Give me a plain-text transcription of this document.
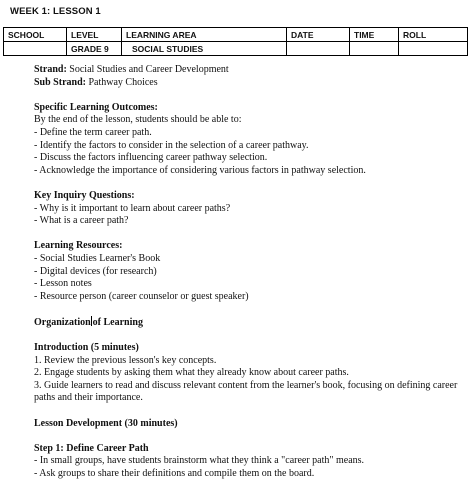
WEEK 1: LESSON 1
SCHOOL	LEVEL	LEARNING AREA	DATE	TIME	ROLL
	GRADE 9	SOCIAL STUDIES			

Strand: Social Studies and Career Development

Sub Strand: Pathway Choices

Specific Learning Outcomes:

By the end of the lesson, students should be able to:

- Define the term career path.

- Identify the factors to consider in the selection of a career pathway.

- Discuss the factors influencing career pathway selection.

- Acknowledge the importance of considering various factors in pathway selection.

Key Inquiry Questions:

- Why is it important to learn about career paths?

- What is a career path?

Learning Resources:

- Social Studies Learner's Book

- Digital devices (for research)

- Lesson notes

- Resource person (career counselor or guest speaker)

Organization of Learning

Introduction (5 minutes)

1. Review the previous lesson's key concepts.

2. Engage students by asking them what they already know about career paths.

3. Guide learners to read and discuss relevant content from the learner's book, focusing on defining career paths and their importance.

Lesson Development (30 minutes)

Step 1: Define Career Path

- In small groups, have students brainstorm what they think a "career path" means.

- Ask groups to share their definitions and compile them on the board.
